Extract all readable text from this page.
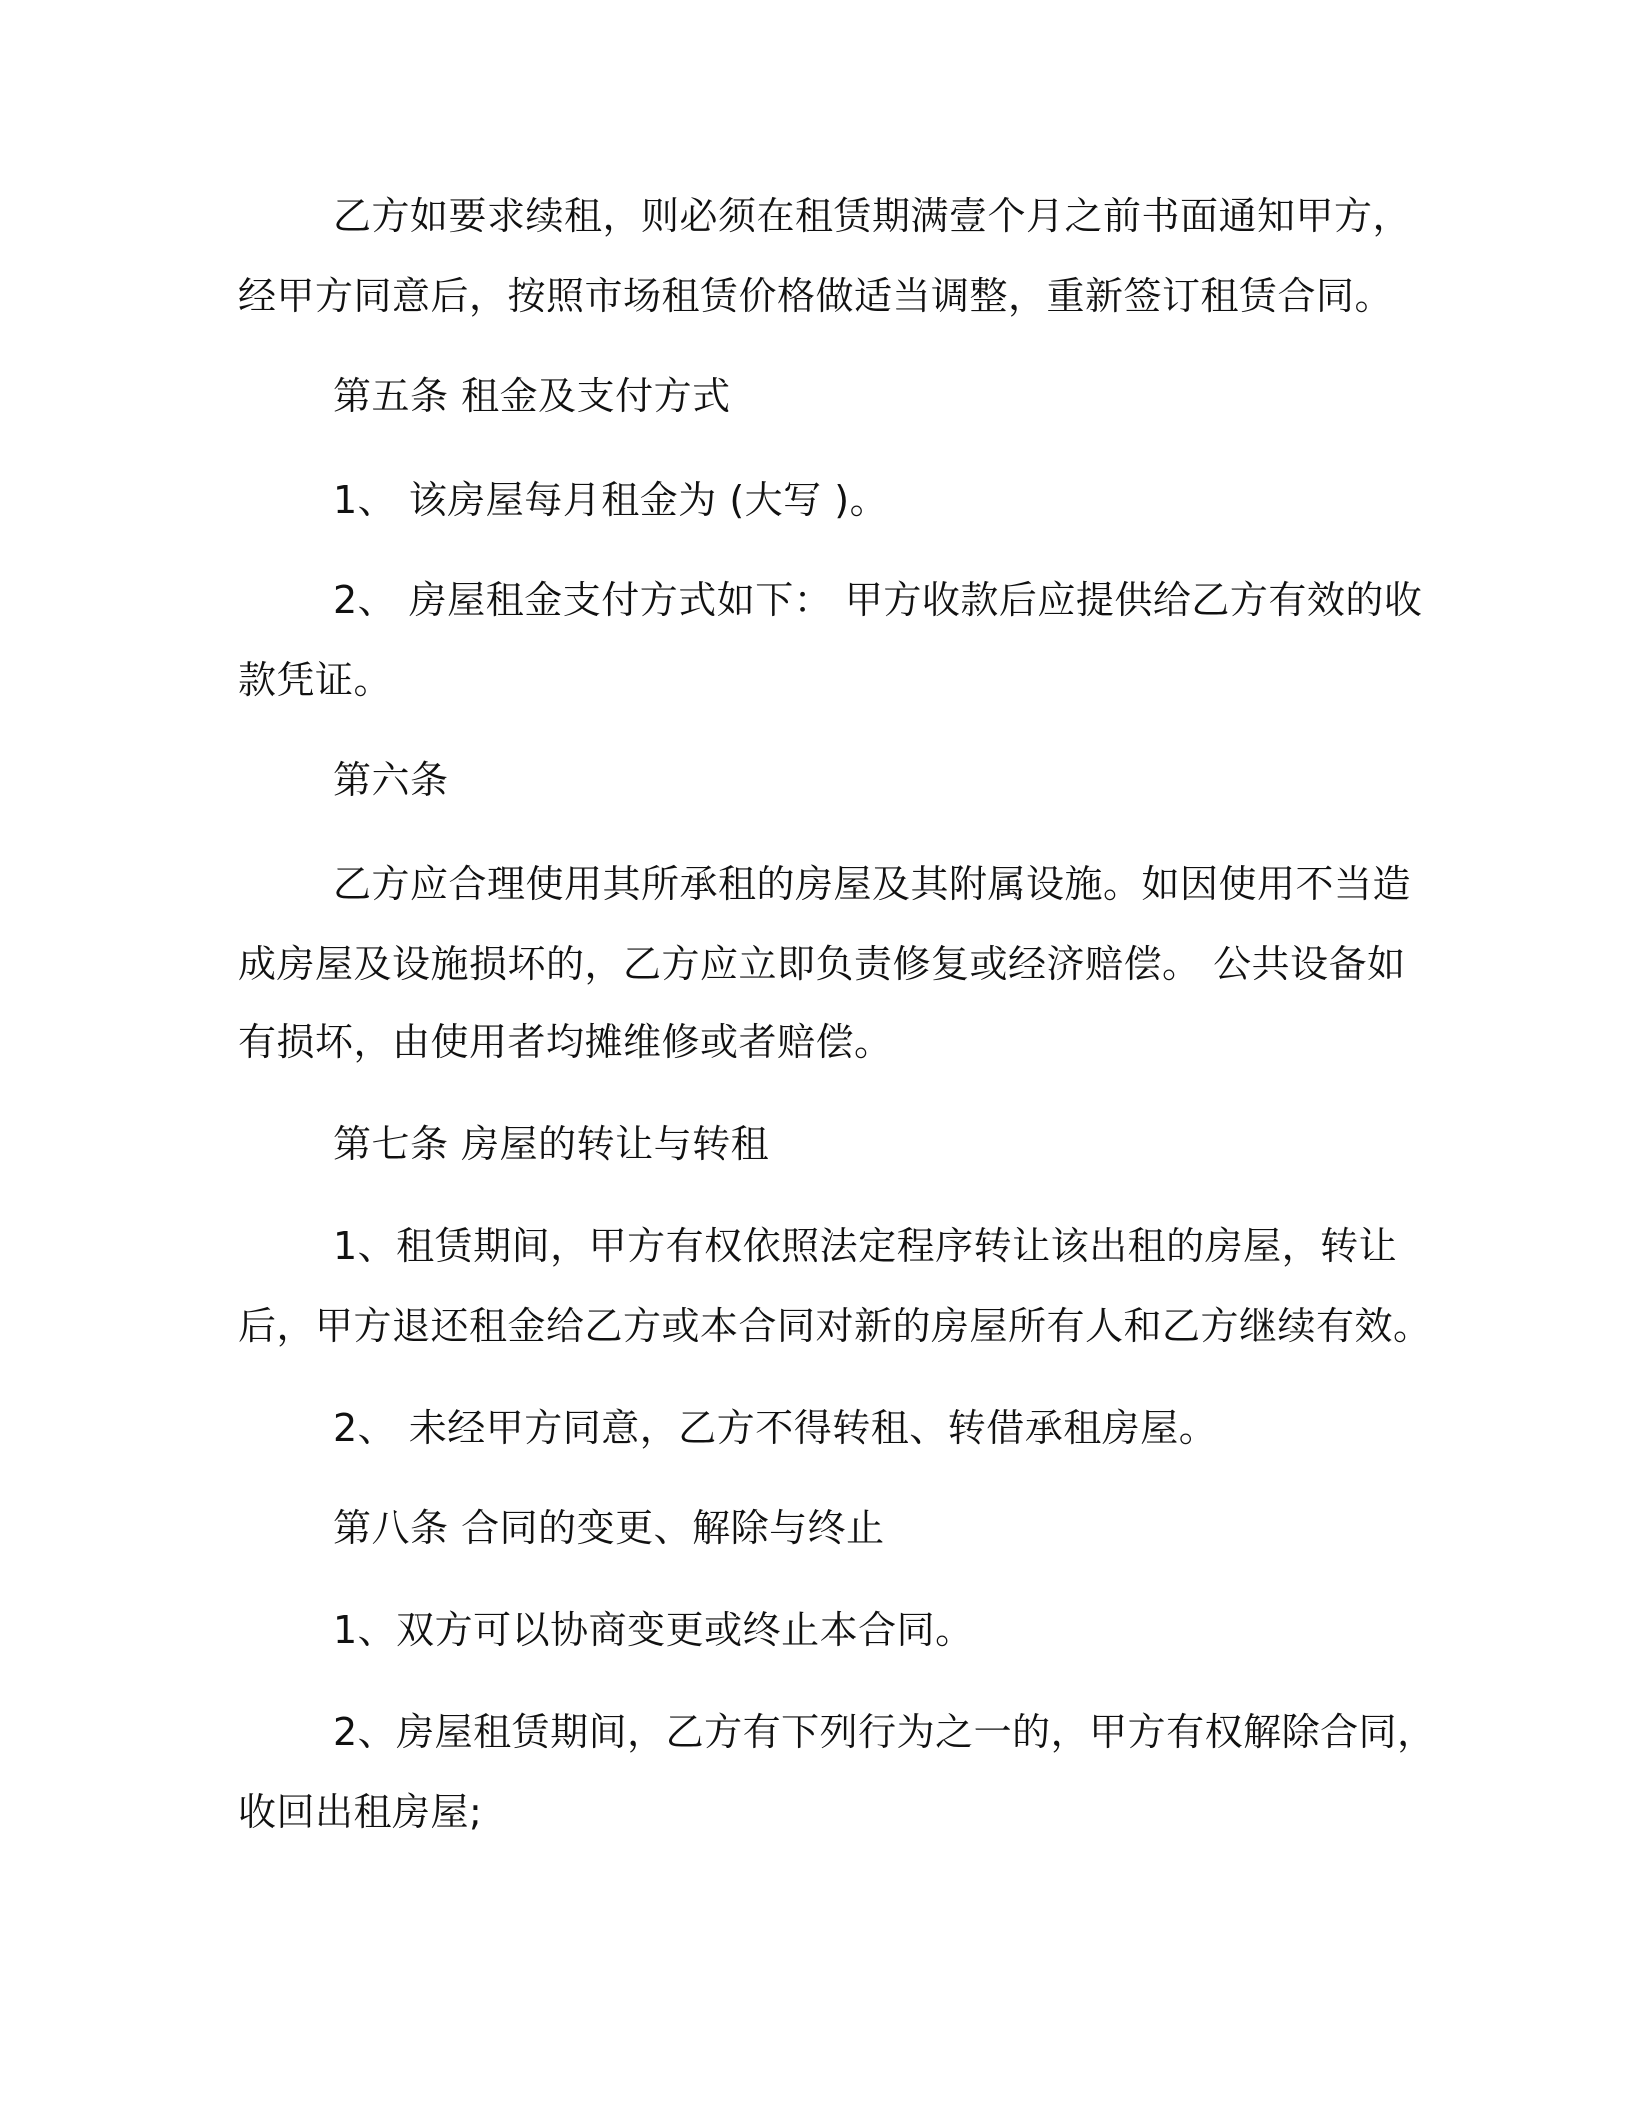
乙方如要求续租，则必须在租赁期满壹个月之前书面通知甲方，
经甲方同意后，按照市场租赁价格做适当调整，重新签订租赁合同。
第五条 租金及支付方式
1、 该房屋每月租金为 (大写 )。
2、 房屋租金支付方式如下： 甲方收款后应提供给乙方有效的收
款凭证。
第六条
乙方应合理使用其所承租的房屋及其附属设施。如因使用不当造
成房屋及设施损坏的，乙方应立即负责修复或经济赔偿。 公共设备如
有损坏，由使用者均摊维修或者赔偿。
第七条 房屋的转让与转租
1、租赁期间，甲方有权依照法定程序转让该出租的房屋，转让
后，甲方退还租金给乙方或本合同对新的房屋所有人和乙方继续有效。
2、 未经甲方同意，乙方不得转租、转借承租房屋。
第八条 合同的变更、解除与终止
1、双方可以协商变更或终止本合同。
2、房屋租赁期间，乙方有下列行为之一的，甲方有权解除合同，
收回出租房屋;
